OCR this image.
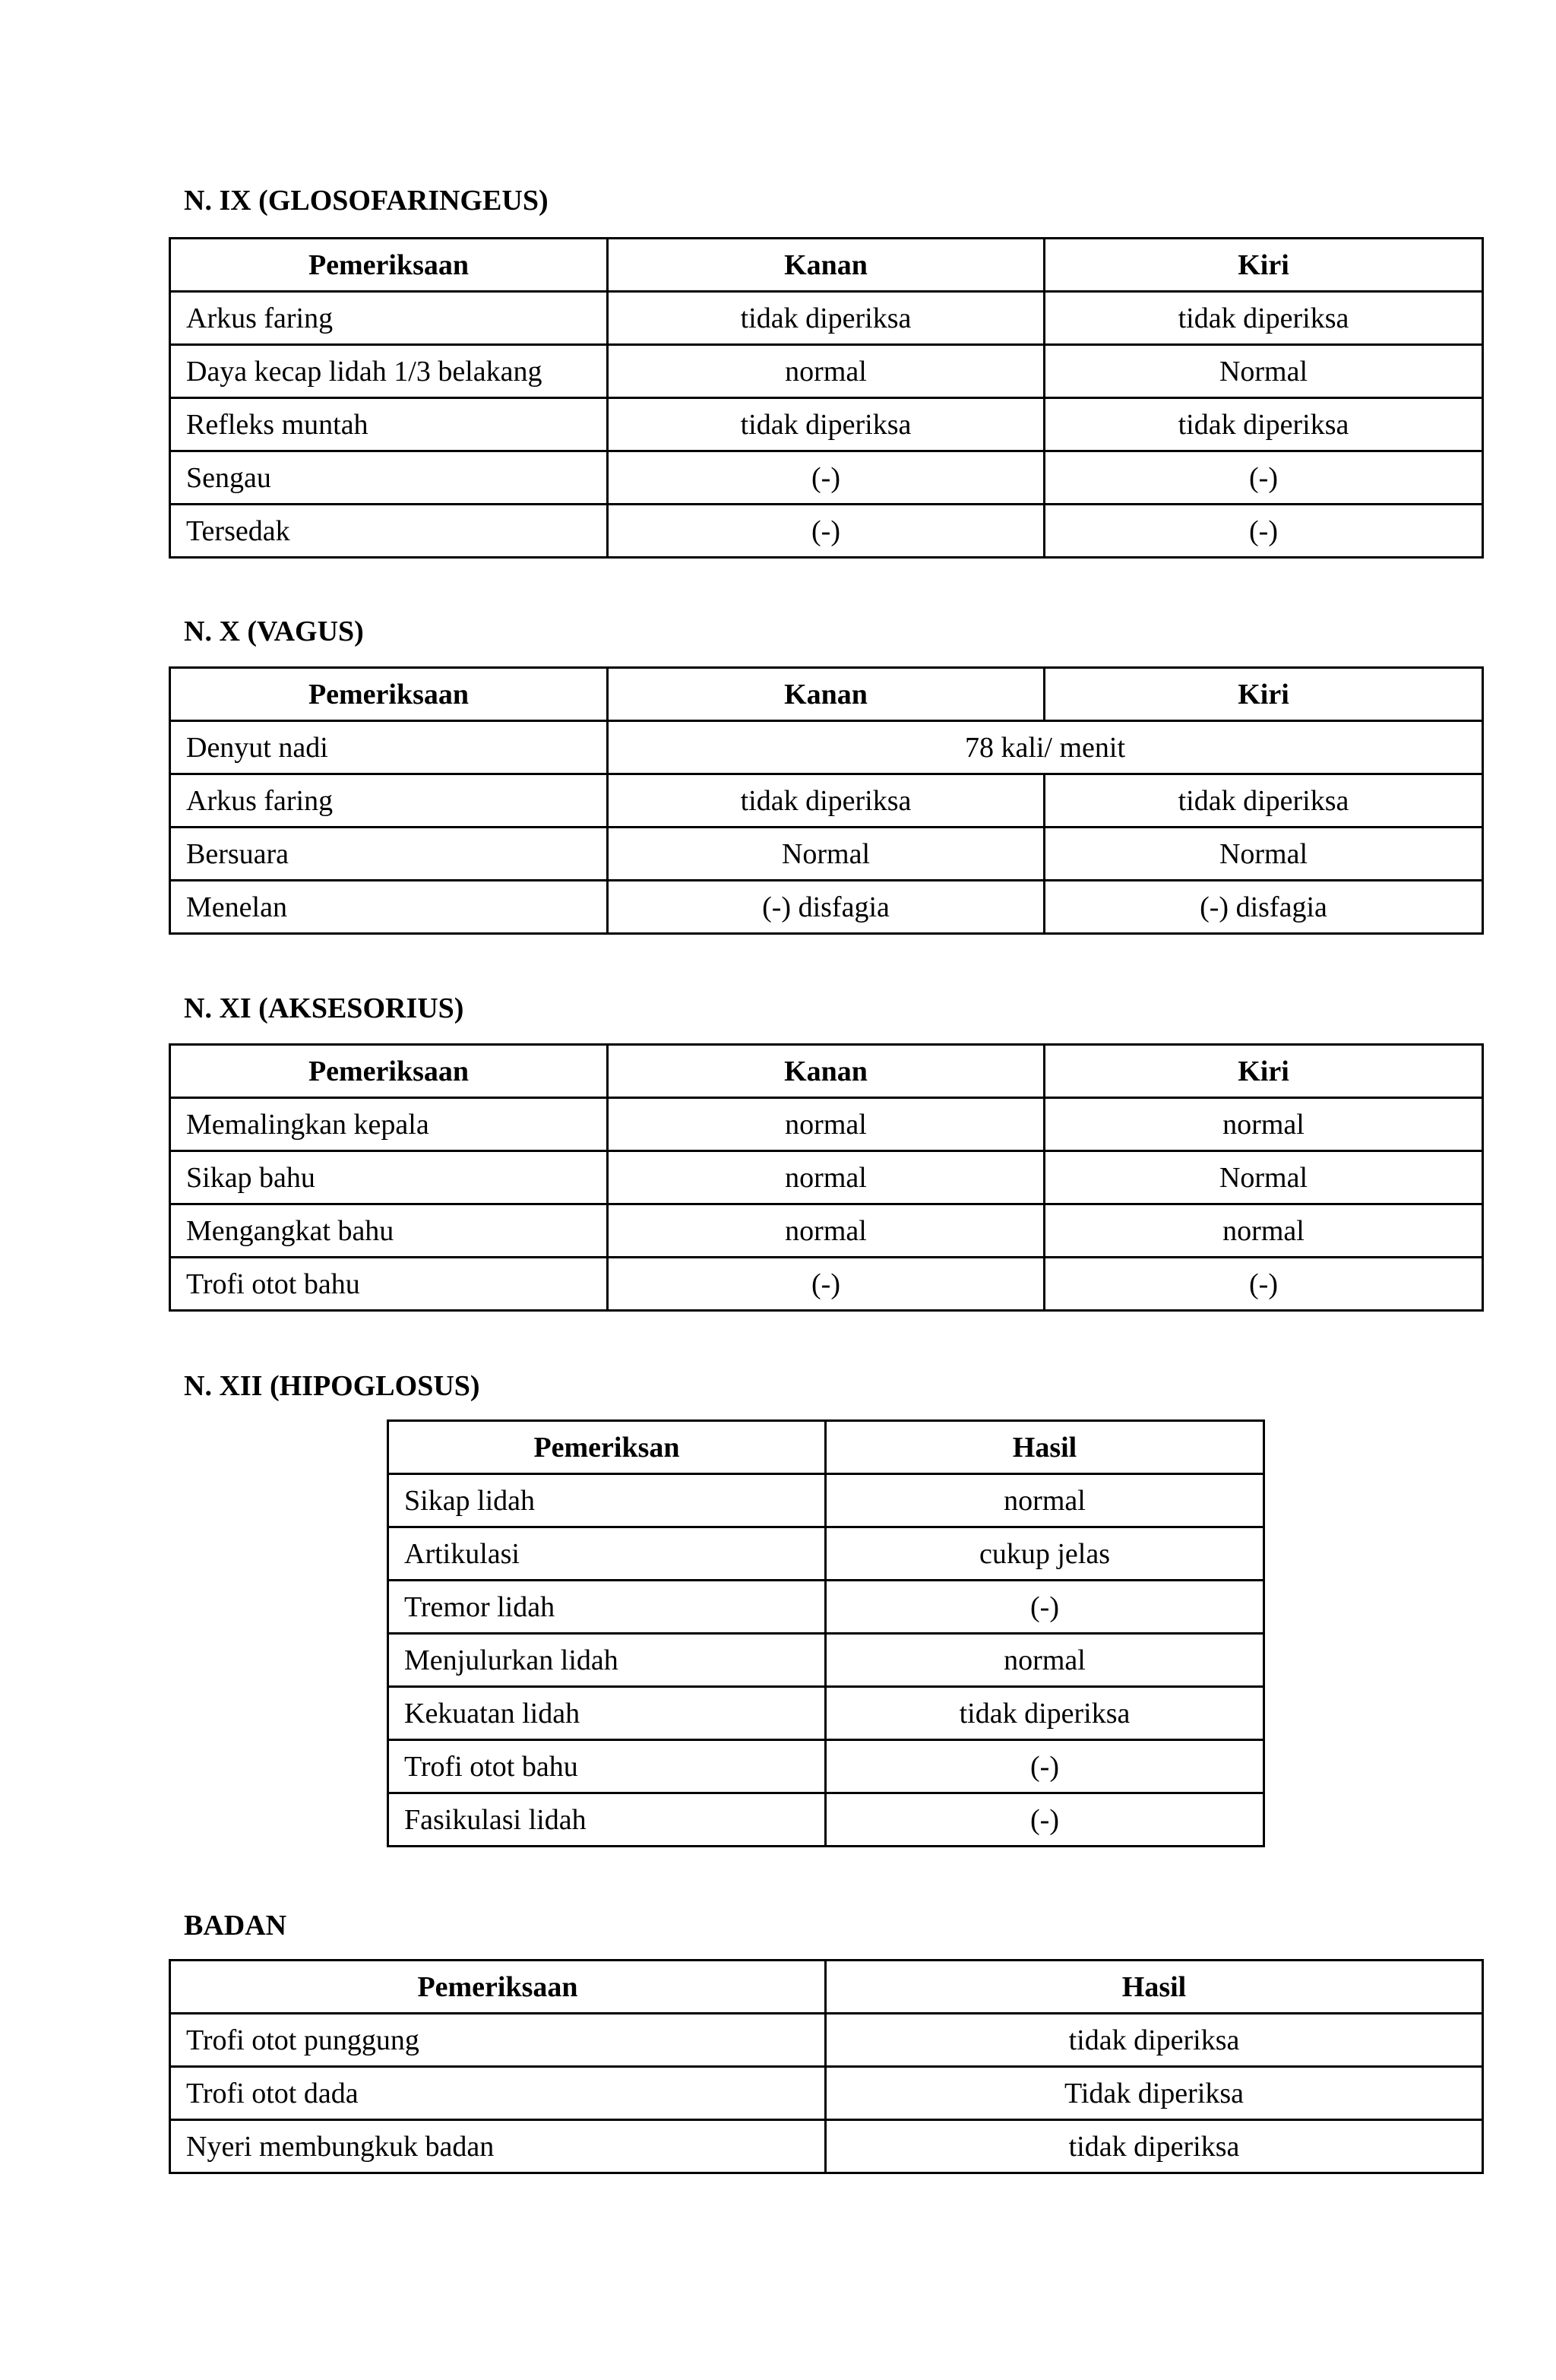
N. IX (GLOSOFARINGEUS)
Pemeriksaan	Kanan	Kiri
Arkus faring	tidak diperiksa	tidak diperiksa
Daya kecap lidah 1/3 belakang	normal	Normal
Refleks muntah	tidak diperiksa	tidak diperiksa
Sengau	(-)	(-)
Tersedak	(-)	(-)
N. X (VAGUS)
Pemeriksaan	Kanan	Kiri
Denyut nadi	78 kali/ menit	
Arkus faring	tidak diperiksa	tidak diperiksa
Bersuara	Normal	Normal
Menelan	(-) disfagia	(-) disfagia
N. XI (AKSESORIUS)
Pemeriksaan	Kanan	Kiri
Memalingkan kepala	normal	normal
Sikap bahu	normal	Normal
Mengangkat bahu	normal	normal
Trofi otot bahu	(-)	(-)
N. XII (HIPOGLOSUS)
Pemeriksan	Hasil
Sikap lidah	normal
Artikulasi	cukup jelas
Tremor lidah	(-)
Menjulurkan lidah	normal
Kekuatan lidah	tidak diperiksa
Trofi otot bahu	(-)
Fasikulasi lidah	(-)
BADAN
Pemeriksaan	Hasil
Trofi otot punggung	tidak diperiksa
Trofi otot dada	Tidak diperiksa
Nyeri membungkuk badan	tidak diperiksa
